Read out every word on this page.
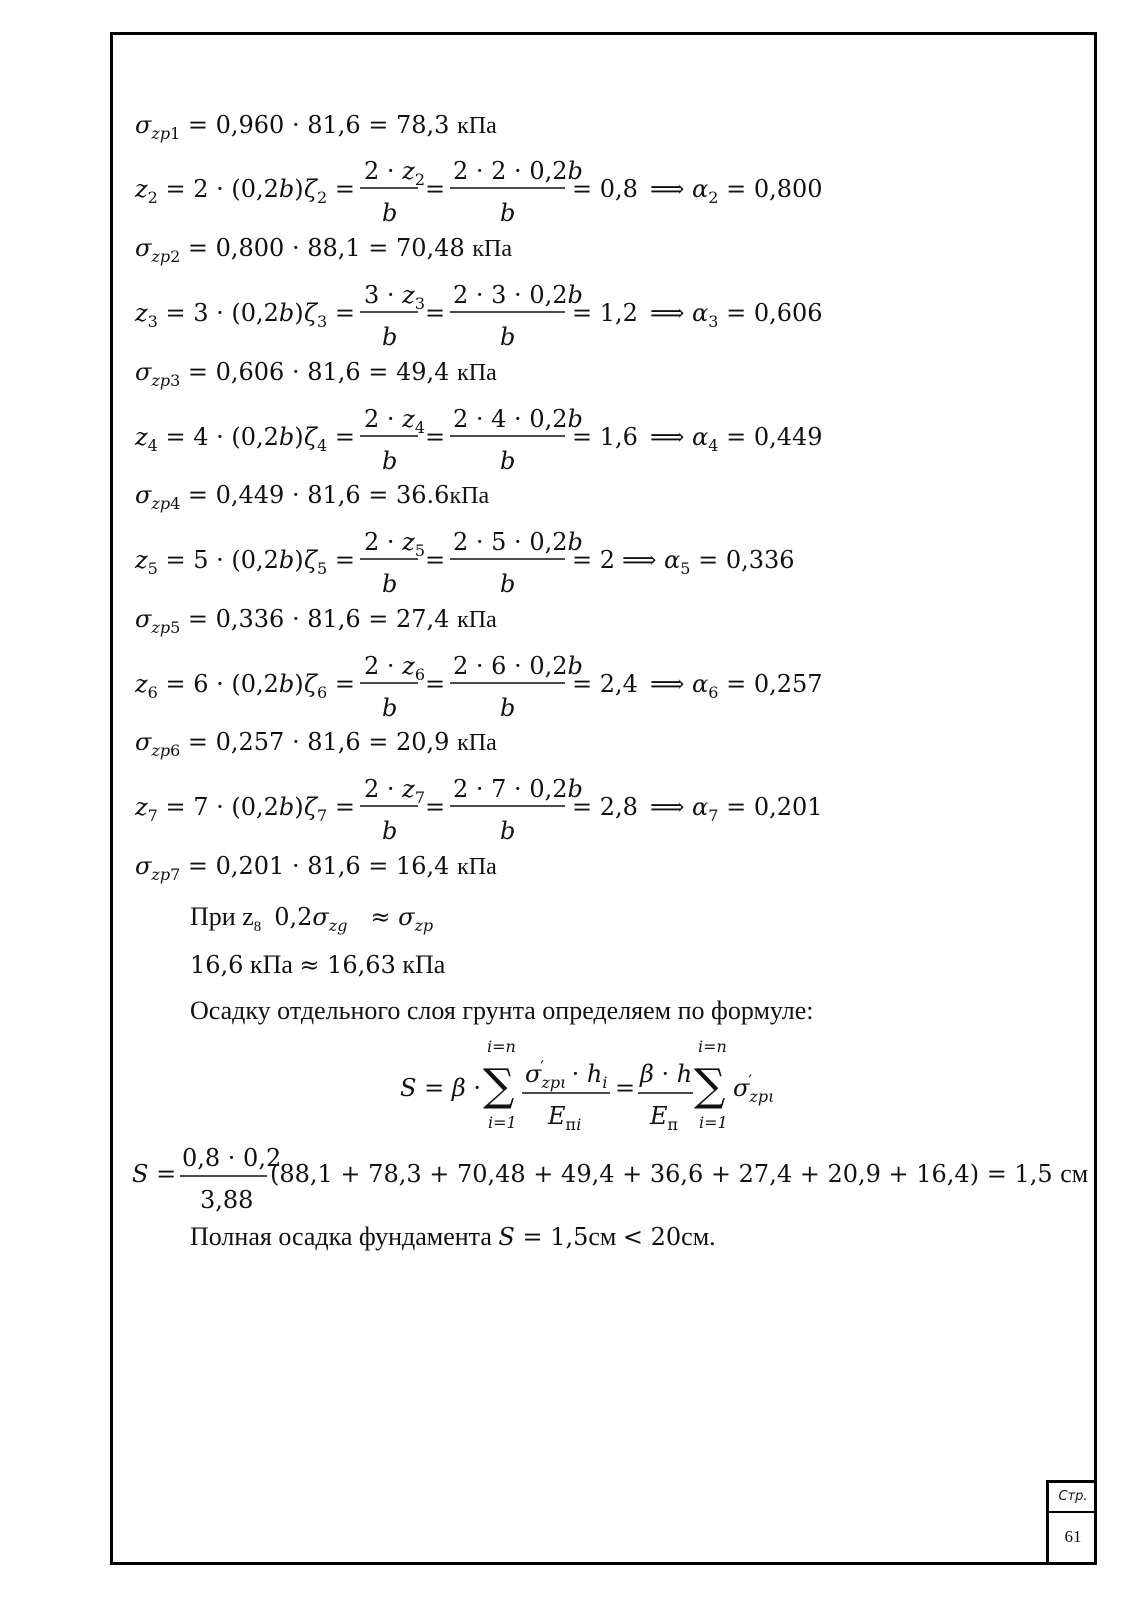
$\sigma_{zp1} = 0,960 \cdot 81,6 = 78,3$ кПа
$z_2 = 2 \cdot (0,2b) \zeta_2$ =
$2 \cdot z_2$
b
=
2 · 2 · 0,2b
b
= 0,8 ⟹ $\alpha_2 = 0,800$
$z_3 = 3 \cdot (0,2b) \zeta_3$ =
$3 \cdot z_3$
b
=
2 · 3 · 0,2b
b
= 1,2 ⟹ $\alpha_3 = 0,606$
$z_4 = 4 \cdot (0,2b) \zeta_4$ =
$2 \cdot z_4$
b
=
2 · 4 · 0,2b
b
= 1,6 ⟹ $\alpha_4 = 0,449$
$z_5 = 5 \cdot (0,2b) \zeta_5$ =
$2 \cdot z_5$
b
=
2 · 5 · 0,2b
b
= 2 ⟹ $\alpha_5 = 0,336$
$z_6 = 6 \cdot (0,2b) \zeta_6$ =
$2 \cdot z_6$
b
=
2 · 6 · 0,2b
b
= 2,4 ⟹ $\alpha_6 = 0,257$
$z_7 = 7 \cdot (0,2b) \zeta_7$ =
$2 \cdot z_7$
b
=
2 · 7 · 0,2b
b
= 2,8 ⟹ $\alpha_7 = 0,201$
$\sigma_{zp2} = 0,800 \cdot 88,1 = 70,48$ кПа
$\sigma_{zp3} = 0,606 \cdot 81,6 = 49,4$ кПа
$\sigma_{zp4} = 0,449 \cdot 81,6 = 36.6кПа$
$\sigma_{zp5} = 0,336 \cdot 81,6 = 27,4$ кПа
$\sigma_{zp6} = 0,257 \cdot 81,6 = 20,9$ кПа
$\sigma_{zp7} = 0,201 \cdot 81,6 = 16,4$ кПа
При $z_8$ $0,2\sigma_{zg} \approx \sigma_{zp}$
16,6 кПа ≈ 16,63 кПа
Осадку отдельного слоя грунта определяем по формуле:
S = β ·
i=n
∑
i=1
$\sigma_{zp\iota}' \cdot h_i$
$E_пi$
= β · h
$E_п$
i=n
∑
i=1
$\sigma_{zp\iota}'$
S =
0,8 · 0,2
3,88
(88,1 + 78,3 + 70,48 + 49,4 + 36,6 + 27,4 + 20,9 + 16,4) = 1,5 см
Полная осадка фундамента S = 1,5см < 20см.
Стр.
61
